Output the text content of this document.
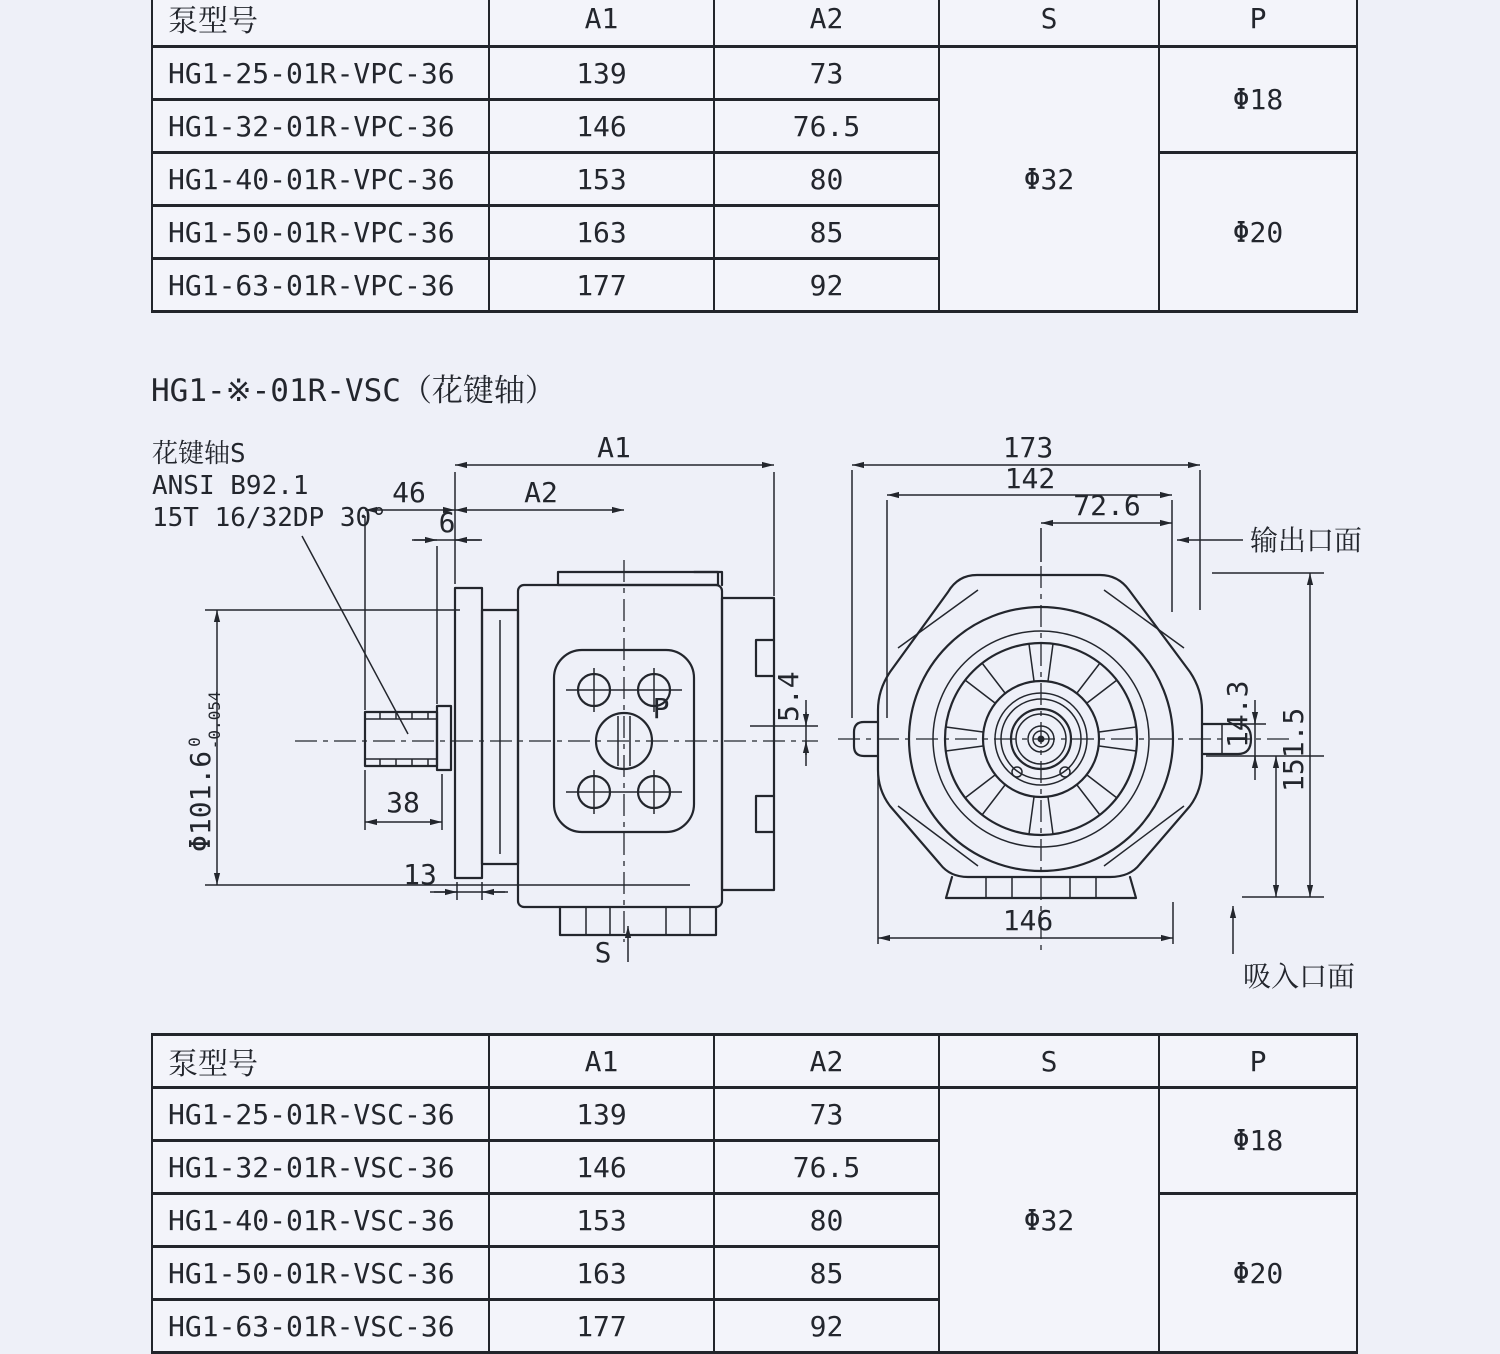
泵型号	A1	A2	S	P
HG1-25-01R-VPC-36	139	73	Φ32	Φ18
HG1-32-01R-VPC-36	146	76.5		
HG1-40-01R-VPC-36	153	80		Φ20
HG1-50-01R-VPC-36	163	85		
HG1-63-01R-VPC-36	177	92		
HG1-※-01R-VSC（花键轴）
花键轴S
ANSI B92.1
15T 16/32DP 30°
A1
46	A2
6
Φ101.6$^0$-0.054
38
13
5.4
P
S
173
142
72.6
输出口面
14.3 151.5
146
吸入口面
泵型号	A1	A2	S	P
HG1-25-01R-VSC-36	139	73	Φ32	Φ18
HG1-32-01R-VSC-36	146	76.5		
HG1-40-01R-VSC-36	153	80		Φ20
HG1-50-01R-VSC-36	163	85		
HG1-63-01R-VSC-36	177	92		
